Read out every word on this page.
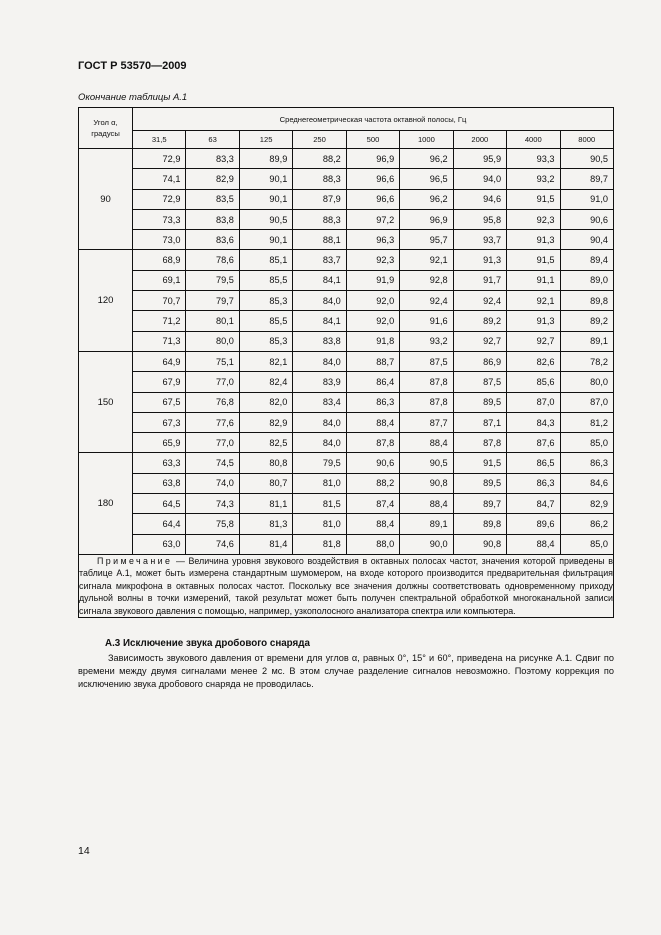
ГОСТ Р 53570—2009
Окончание таблицы А.1
Угол α, градусы	Среднегеометрическая частота октавной полосы, Гц								
	31,5	63	125	250	500	1000	2000	4000	8000
90	72,9	83,3	89,9	88,2	96,9	96,2	95,9	93,3	90,5
	74,1	82,9	90,1	88,3	96,6	96,5	94,0	93,2	89,7
	72,9	83,5	90,1	87,9	96,6	96,2	94,6	91,5	91,0
	73,3	83,8	90,5	88,3	97,2	96,9	95,8	92,3	90,6
	73,0	83,6	90,1	88,1	96,3	95,7	93,7	91,3	90,4
120	68,9	78,6	85,1	83,7	92,3	92,1	91,3	91,5	89,4
	69,1	79,5	85,5	84,1	91,9	92,8	91,7	91,1	89,0
	70,7	79,7	85,3	84,0	92,0	92,4	92,4	92,1	89,8
	71,2	80,1	85,5	84,1	92,0	91,6	89,2	91,3	89,2
	71,3	80,0	85,3	83,8	91,8	93,2	92,7	92,7	89,1
150	64,9	75,1	82,1	84,0	88,7	87,5	86,9	82,6	78,2
	67,9	77,0	82,4	83,9	86,4	87,8	87,5	85,6	80,0
	67,5	76,8	82,0	83,4	86,3	87,8	89,5	87,0	87,0
	67,3	77,6	82,9	84,0	88,4	87,7	87,1	84,3	81,2
	65,9	77,0	82,5	84,0	87,8	88,4	87,8	87,6	85,0
180	63,3	74,5	80,8	79,5	90,6	90,5	91,5	86,5	86,3
	63,8	74,0	80,7	81,0	88,2	90,8	89,5	86,3	84,6
	64,5	74,3	81,1	81,5	87,4	88,4	89,7	84,7	82,9
	64,4	75,8	81,3	81,0	88,4	89,1	89,8	89,6	86,2
	63,0	74,6	81,4	81,8	88,0	90,0	90,8	88,4	85,0
Примечание — Величина уровня звукового воздействия в октавных полосах частот, значения которой приведены в таблице А.1, может быть измерена стандартным шумомером, на входе которого производится предварительная фильтрация сигнала микрофона в октавных полосах частот. Поскольку все значения должны соответствовать одновременному приходу дульной волны в точки измерений, такой результат может быть получен спектральной обработкой многоканальной записи сигнала звукового давления с помощью, например, узкополосного анализатора спектра или компьютера.									
А.3 Исключение звука дробового снаряда
Зависимость звукового давления от времени для углов α, равных 0°, 15° и 60°, приведена на рисунке А.1. Сдвиг по времени между двумя сигналами менее 2 мс. В этом случае разделение сигналов невозможно. Поэтому коррекция по исключению звука дробового снаряда не проводилась.
14
